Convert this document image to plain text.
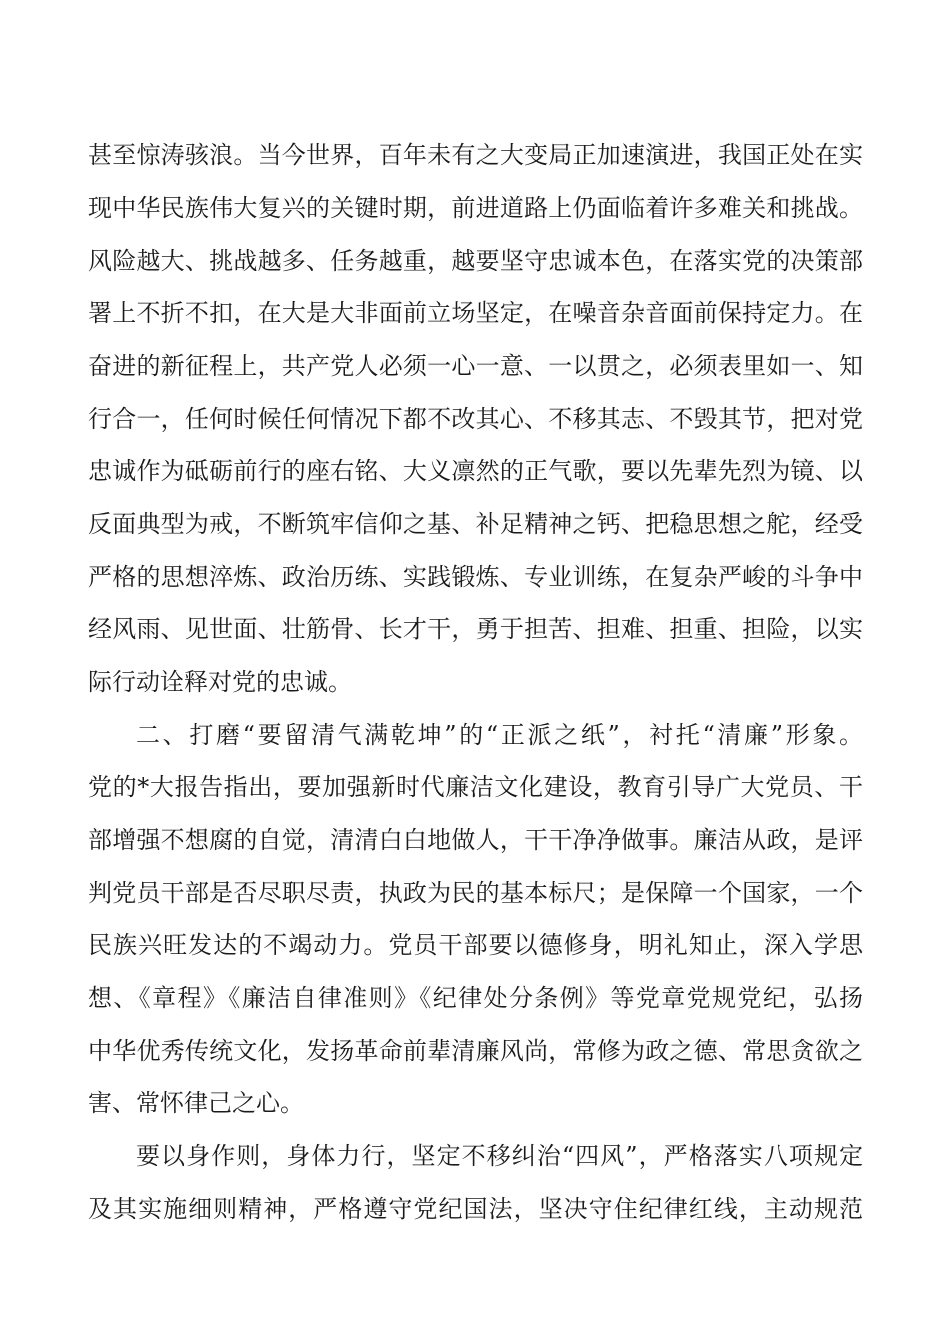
甚至惊涛骇浪。当今世界，百年未有之大变局正加速演进，我国正处在实
现中华民族伟大复兴的关键时期，前进道路上仍面临着许多难关和挑战。
风险越大、挑战越多、任务越重，越要坚守忠诚本色，在落实党的决策部
署上不折不扣，在大是大非面前立场坚定，在噪音杂音面前保持定力。在
奋进的新征程上，共产党人必须一心一意、一以贯之，必须表里如一、知
行合一，任何时候任何情况下都不改其心、不移其志、不毁其节，把对党
忠诚作为砥砺前行的座右铭、大义凛然的正气歌，要以先辈先烈为镜、以
反面典型为戒，不断筑牢信仰之基、补足精神之钙、把稳思想之舵，经受
严格的思想淬炼、政治历练、实践锻炼、专业训练，在复杂严峻的斗争中
经风雨、见世面、壮筋骨、长才干，勇于担苦、担难、担重、担险，以实
际行动诠释对党的忠诚。
二、打磨“要留清气满乾坤”的“正派之纸”，衬托“清廉”形象。
党的*大报告指出，要加强新时代廉洁文化建设，教育引导广大党员、干
部增强不想腐的自觉，清清白白地做人，干干净净做事。廉洁从政，是评
判党员干部是否尽职尽责，执政为民的基本标尺；是保障一个国家，一个
民族兴旺发达的不竭动力。党员干部要以德修身，明礼知止，深入学思
想、《章程》《廉洁自律准则》《纪律处分条例》等党章党规党纪，弘扬
中华优秀传统文化，发扬革命前辈清廉风尚，常修为政之德、常思贪欲之
害、常怀律己之心。
要以身作则，身体力行，坚定不移纠治“四风”，严格落实八项规定
及其实施细则精神，严格遵守党纪国法，坚决守住纪律红线，主动规范
